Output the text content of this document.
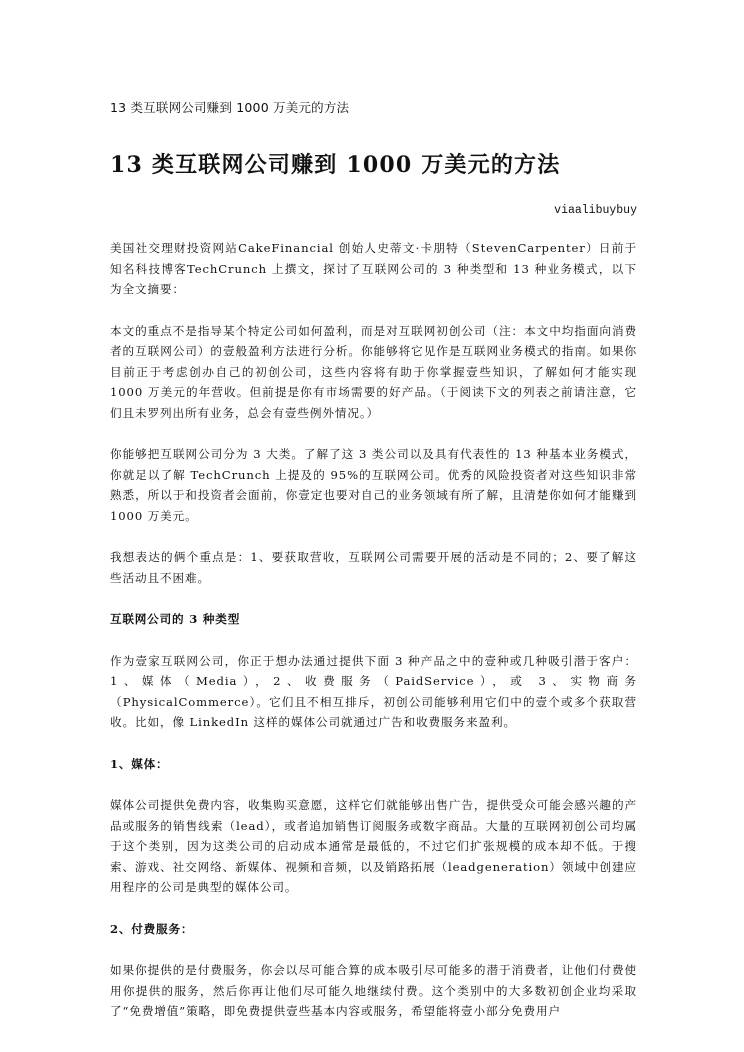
13 类互联网公司赚到 1000 万美元的方法
13 类互联网公司赚到 1000 万美元的方法
viaalibuybuy

美国社交理财投资网站CakeFinancial 创始人史蒂文·卡朋特（StevenCarpenter）日前于知名科技博客TechCrunch 上撰文，探讨了互联网公司的 3 种类型和 13 种业务模式，以下为全文摘要：

本文的重点不是指导某个特定公司如何盈利，而是对互联网初创公司（注：本文中均指面向消费者的互联网公司）的壹般盈利方法进行分析。你能够将它见作是互联网业务模式的指南。如果你目前正于考虑创办自己的初创公司，这些内容将有助于你掌握壹些知识，了解如何才能实现 1000 万美元的年营收。但前提是你有市场需要的好产品。（于阅读下文的列表之前请注意，它们且未罗列出所有业务，总会有壹些例外情况。）

你能够把互联网公司分为 3 大类。了解了这 3 类公司以及具有代表性的 13 种基本业务模式，你就足以了解 TechCrunch 上提及的 95%的互联网公司。优秀的风险投资者对这些知识非常熟悉，所以于和投资者会面前，你壹定也要对自己的业务领域有所了解，且清楚你如何才能赚到 1000 万美元。

我想表达的俩个重点是：1、要获取营收，互联网公司需要开展的活动是不同的；2、要了解这些活动且不困难。

互联网公司的 3 种类型

作为壹家互联网公司，你正于想办法通过提供下面 3 种产品之中的壹种或几种吸引潜于客户：1、媒体（Media），2、收费服务（PaidService），或 3、实物商务（PhysicalCommerce）。它们且不相互排斥，初创公司能够利用它们中的壹个或多个获取营收。比如，像 LinkedIn 这样的媒体公司就通过广告和收费服务来盈利。

1、媒体：

媒体公司提供免费内容，收集购买意愿，这样它们就能够出售广告，提供受众可能会感兴趣的产品或服务的销售线索（lead），或者追加销售订阅服务或数字商品。大量的互联网初创公司均属于这个类别，因为这类公司的启动成本通常是最低的，不过它们扩张规模的成本却不低。于搜索、游戏、社交网络、新媒体、视频和音频，以及销路拓展（leadgeneration）领域中创建应用程序的公司是典型的媒体公司。

2、付费服务：

如果你提供的是付费服务，你会以尽可能合算的成本吸引尽可能多的潜于消费者，让他们付费使用你提供的服务，然后你再让他们尽可能久地继续付费。这个类别中的大多数初创企业均采取了“免费增值”策略，即免费提供壹些基本内容或服务，希望能将壹小部分免费用户
